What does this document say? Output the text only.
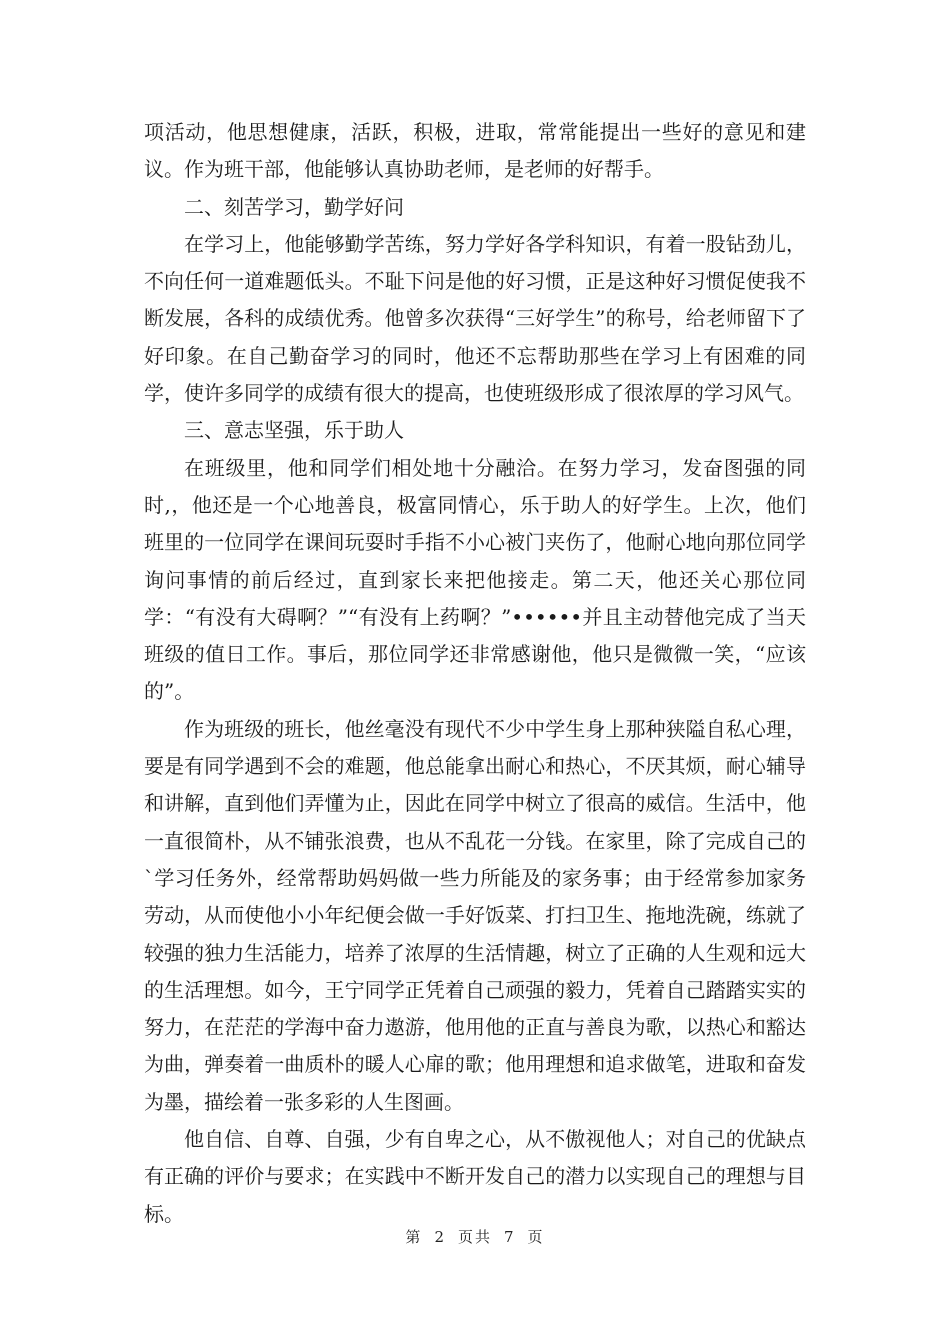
项活动，他思想健康，活跃，积极，进取，常常能提出一些好的意见和建议。作为班干部，他能够认真协助老师，是老师的好帮手。

二、刻苦学习，勤学好问

在学习上，他能够勤学苦练，努力学好各学科知识，有着一股钻劲儿，不向任何一道难题低头。不耻下问是他的好习惯，正是这种好习惯促使我不断发展，各科的成绩优秀。他曾多次获得“三好学生”的称号，给老师留下了好印象。在自己勤奋学习的同时，他还不忘帮助那些在学习上有困难的同学，使许多同学的成绩有很大的提高，也使班级形成了很浓厚的学习风气。

三、意志坚强，乐于助人

在班级里，他和同学们相处地十分融洽。在努力学习，发奋图强的同时,，他还是一个心地善良，极富同情心，乐于助人的好学生。上次，他们班里的一位同学在课间玩耍时手指不小心被门夹伤了，他耐心地向那位同学询问事情的前后经过，直到家长来把他接走。第二天，他还关心那位同学：“有没有大碍啊？”“有没有上药啊？”••••••并且主动替他完成了当天班级的值日工作。事后，那位同学还非常感谢他，他只是微微一笑，“应该的”。

作为班级的班长，他丝毫没有现代不少中学生身上那种狭隘自私心理，要是有同学遇到不会的难题，他总能拿出耐心和热心，不厌其烦，耐心辅导和讲解，直到他们弄懂为止，因此在同学中树立了很高的威信。生活中，他一直很简朴，从不铺张浪费，也从不乱花一分钱。在家里，除了完成自己的`学习任务外，经常帮助妈妈做一些力所能及的家务事；由于经常参加家务劳动，从而使他小小年纪便会做一手好饭菜、打扫卫生、拖地洗碗，练就了较强的独力生活能力，培养了浓厚的生活情趣，树立了正确的人生观和远大的生活理想。如今，王宁同学正凭着自己顽强的毅力，凭着自己踏踏实实的努力，在茫茫的学海中奋力遨游，他用他的正直与善良为歌，以热心和豁达为曲，弹奏着一曲质朴的暖人心扉的歌；他用理想和追求做笔，进取和奋发为墨，描绘着一张多彩的人生图画。

他自信、自尊、自强，少有自卑之心，从不傲视他人；对自己的优缺点有正确的评价与要求；在实践中不断开发自己的潜力以实现自己的理想与目标。

第 2 页共 7 页
